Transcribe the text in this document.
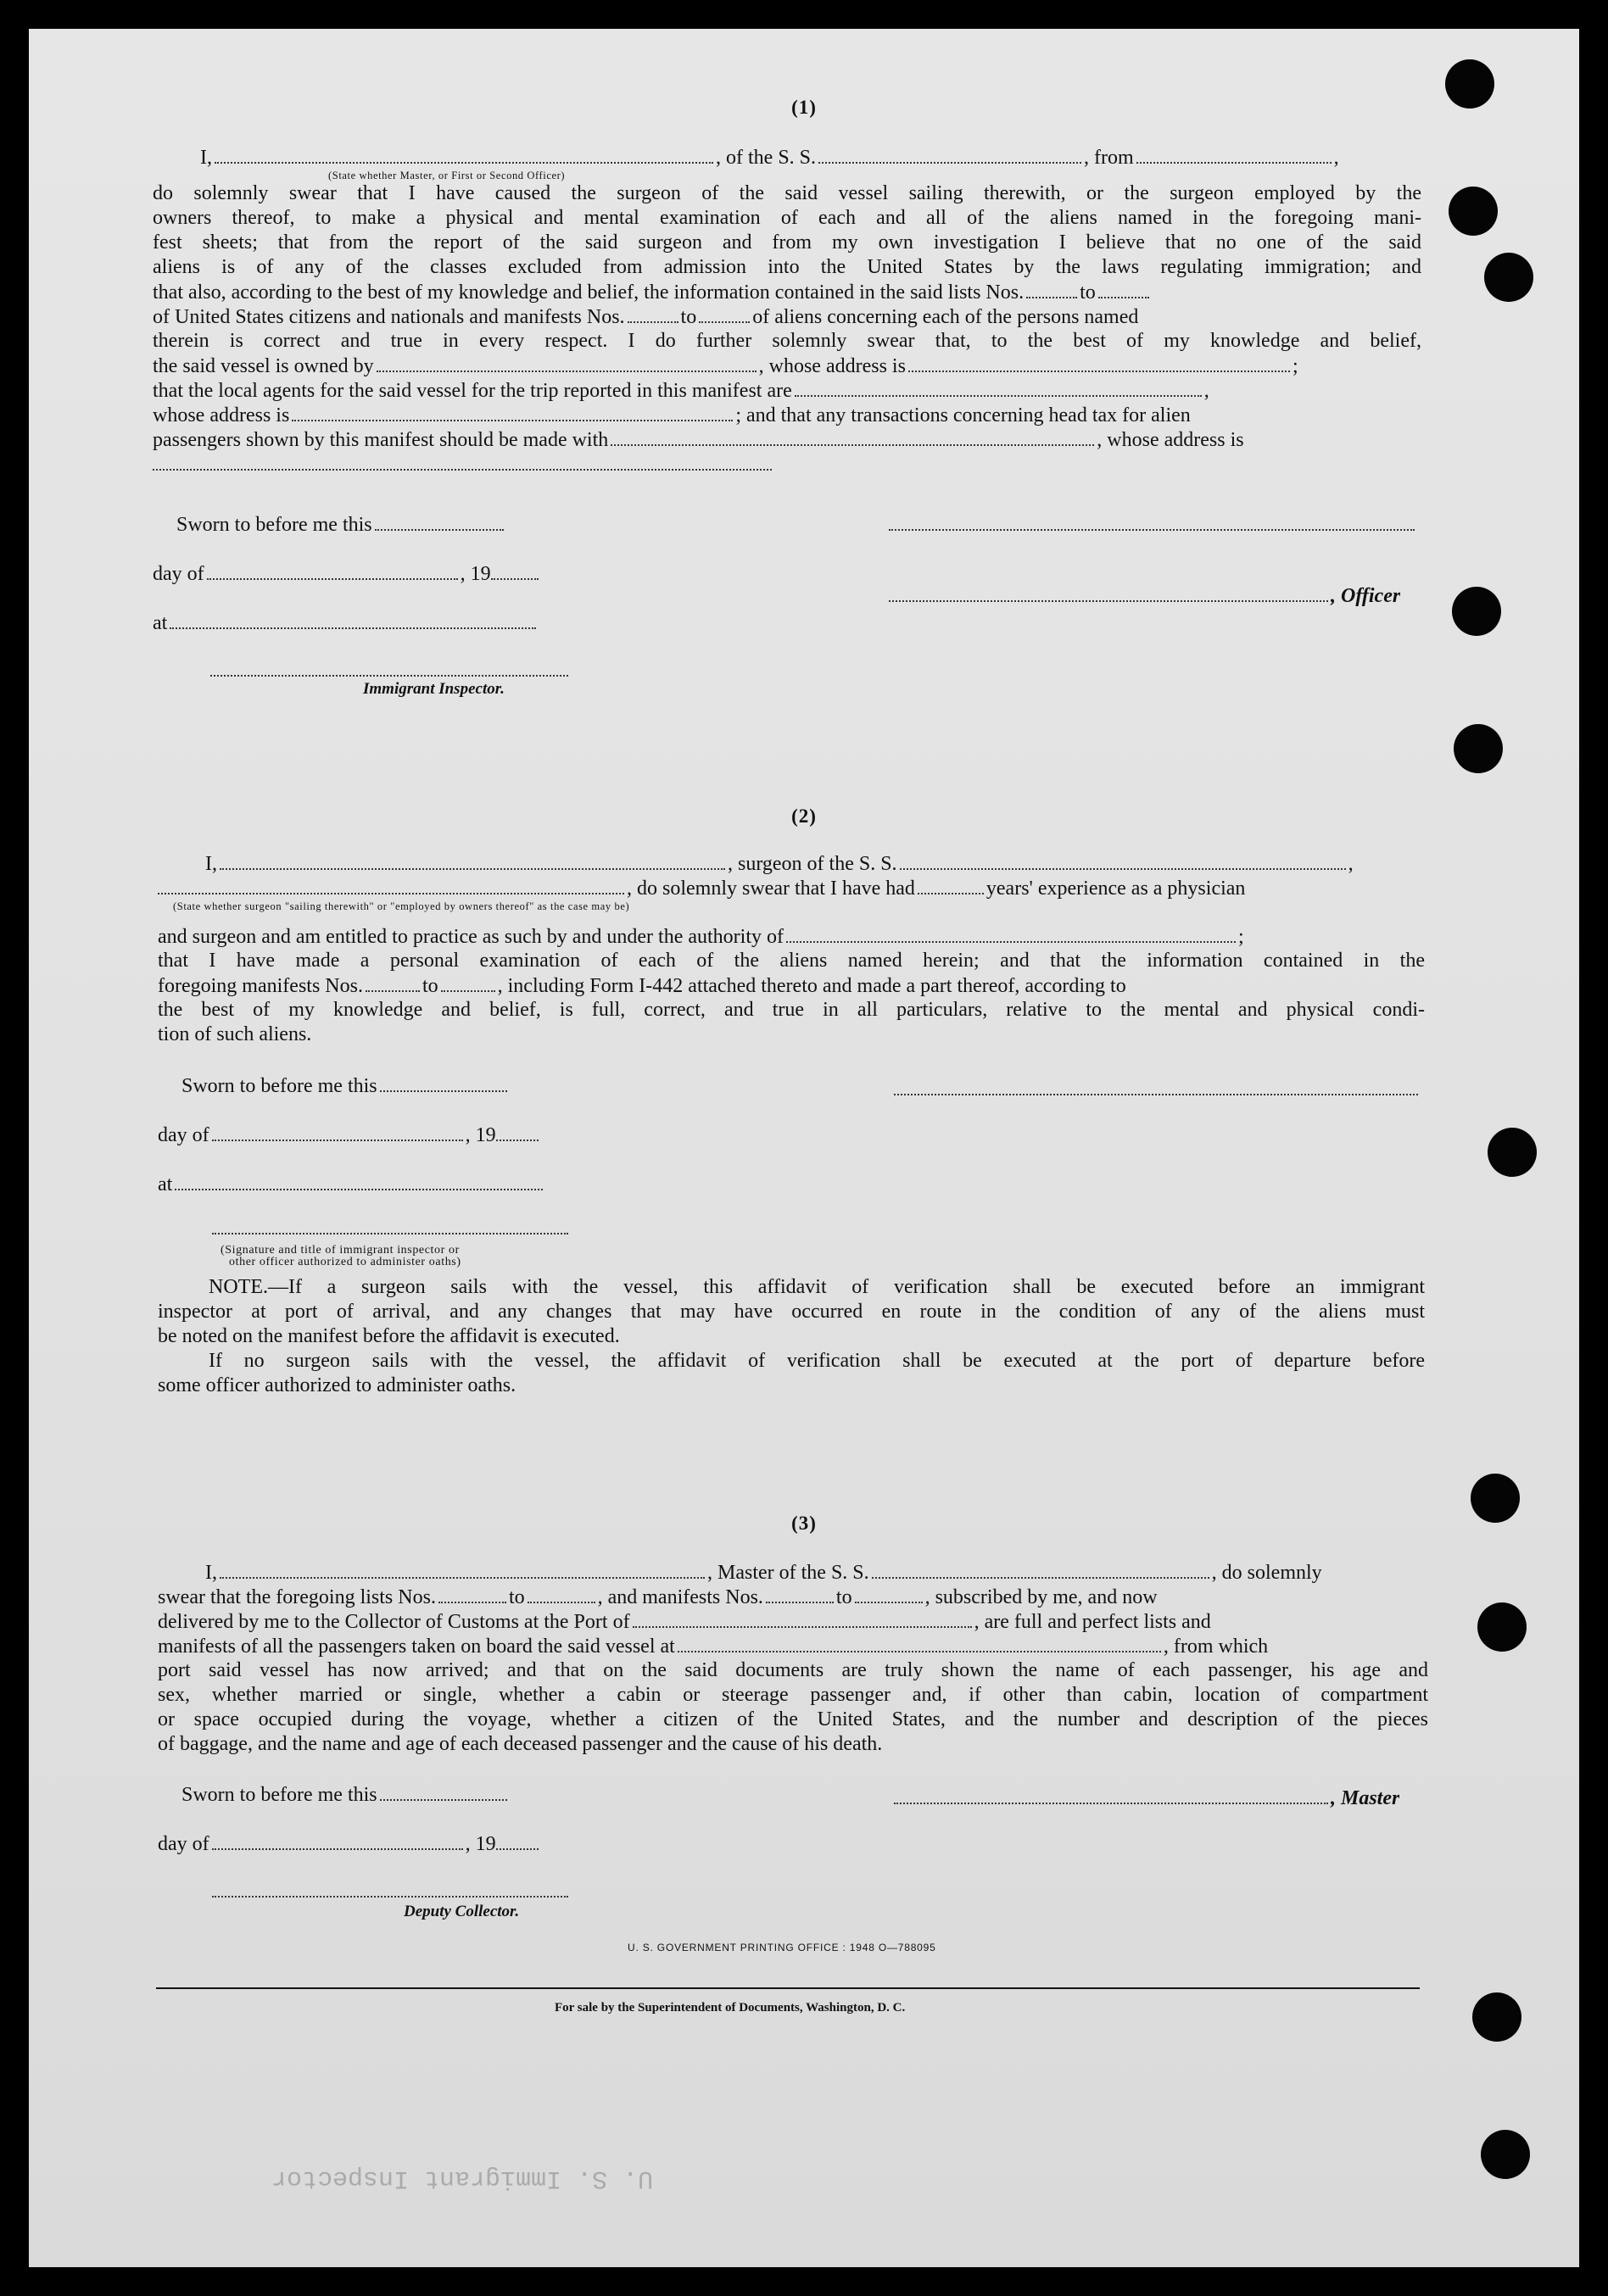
(1)
I,	, of the S. S.	, from	,
(State whether Master, or First or Second Officer)
do solemnly swear that I have caused the surgeon of the said vessel sailing therewith, or the surgeon employed by the
owners thereof, to make a physical and mental examination of each and all of the aliens named in the foregoing mani-
fest sheets; that from the report of the said surgeon and from my own investigation I believe that no one of the said
aliens is of any of the classes excluded from admission into the United States by the laws regulating immigration; and
that also, according to the best of my knowledge and belief, the information contained in the said lists Nos.	to
of United States citizens and nationals and manifests Nos.	to	of aliens concerning each of the persons named
therein is correct and true in every respect. I do further solemnly swear that, to the best of my knowledge and belief,
the said vessel is owned by	, whose address is	;
that the local agents for the said vessel for the trip reported in this manifest are	,
whose address is	; and that any transactions concerning head tax for alien
passengers shown by this manifest should be made with	, whose address is
Sworn to before me this
day of	, 19
, Officer
at
Immigrant Inspector.
(2)
I,	, surgeon of the S. S.	,
, do solemnly swear that I have had	years' experience as a physician
(State whether surgeon "sailing therewith" or "employed by owners thereof" as the case may be)
and surgeon and am entitled to practice as such by and under the authority of	;
that I have made a personal examination of each of the aliens named herein; and that the information contained in the
foregoing manifests Nos.	to	, including Form I-442 attached thereto and made a part thereof, according to
the best of my knowledge and belief, is full, correct, and true in all particulars, relative to the mental and physical condi-
tion of such aliens.
Sworn to before me this
day of	, 19
at
(Signature and title of immigrant inspector or
other officer authorized to administer oaths)
NOTE.—If a surgeon sails with the vessel, this affidavit of verification shall be executed before an immigrant
inspector at port of arrival, and any changes that may have occurred en route in the condition of any of the aliens must
be noted on the manifest before the affidavit is executed.
If no surgeon sails with the vessel, the affidavit of verification shall be executed at the port of departure before
some officer authorized to administer oaths.
(3)
I,	, Master of the S. S.	, do solemnly
swear that the foregoing lists Nos.	to	, and manifests Nos.	to	, subscribed by me, and now
delivered by me to the Collector of Customs at the Port of	, are full and perfect lists and
manifests of all the passengers taken on board the said vessel at	, from which
port said vessel has now arrived; and that on the said documents are truly shown the name of each passenger, his age and
sex, whether married or single, whether a cabin or steerage passenger and, if other than cabin, location of compartment
or space occupied during the voyage, whether a citizen of the United States, and the number and description of the pieces
of baggage, and the name and age of each deceased passenger and the cause of his death.
Sworn to before me this	, Master
day of	, 19
Deputy Collector.
U. S. GOVERNMENT PRINTING OFFICE : 1948 O—788095
For sale by the Superintendent of Documents, Washington, D. C.
U. S. Immigrant Inspector
